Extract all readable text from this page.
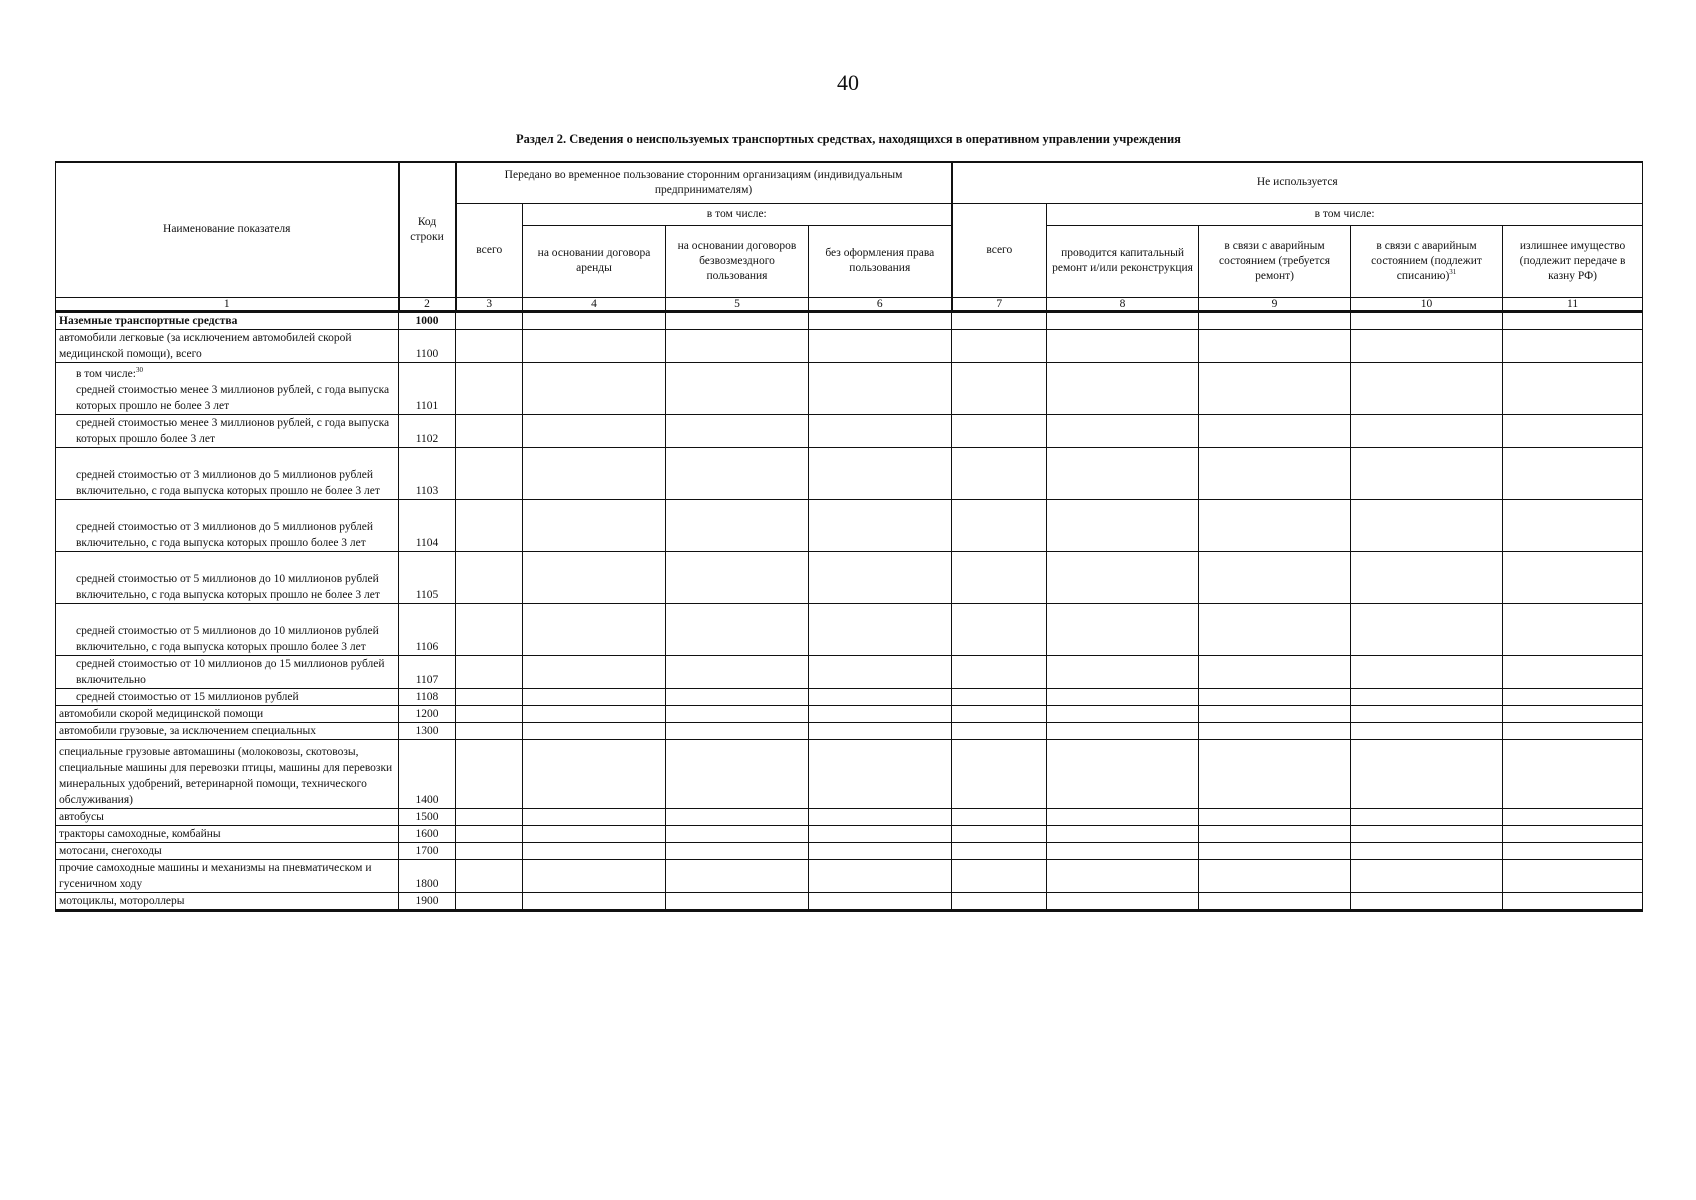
40
Раздел 2. Сведения о неиспользуемых транспортных средствах, находящихся в оперативном управлении учреждения
Наименование показателя	Код строки	Передано во временное пользование сторонним организациям (индивидуальным предпринимателям)				Не используется				
		всего	в том числе:			всего	в том числе:			
			на основании договора аренды	на основании договоров безвозмездного пользования	без оформления права пользования		проводится капитальный ремонт и/или реконструкция	в связи с аварийным состоянием (требуется ремонт)	в связи с аварийным состоянием (подлежит списанию)$^{31}$	излишнее имущество (подлежит передаче в казну РФ)
1	2	3	4	5	6	7	8	9	10	11
Наземные транспортные средства	1000									
автомобили легковые (за исключением автомобилей скорой медицинской помощи), всего	1100									
в том числе:$^{30}$
средней стоимостью менее 3 миллионов рублей, с года выпуска которых прошло не более 3 лет	1101									
средней стоимостью менее 3 миллионов рублей, с года выпуска которых прошло более 3 лет	1102									
средней стоимостью от 3 миллионов до 5 миллионов рублей включительно, с года выпуска которых прошло не более 3 лет	1103									
средней стоимостью от 3 миллионов до 5 миллионов рублей включительно, с года выпуска которых прошло более 3 лет	1104									
средней стоимостью от 5 миллионов до 10 миллионов рублей включительно, с года выпуска которых прошло не более 3 лет	1105									
средней стоимостью от 5 миллионов до 10 миллионов рублей включительно, с года выпуска которых прошло более 3 лет	1106									
средней стоимостью от 10 миллионов до 15 миллионов рублей включительно	1107									
средней стоимостью от 15 миллионов рублей	1108									
автомобили скорой медицинской помощи	1200									
автомобили грузовые, за исключением специальных	1300									
специальные грузовые автомашины (молоковозы, скотовозы, специальные машины для перевозки птицы, машины для перевозки минеральных удобрений, ветеринарной помощи, технического обслуживания)	1400									
автобусы	1500									
тракторы самоходные, комбайны	1600									
мотосани, снегоходы	1700									
прочие самоходные машины и механизмы на пневматическом и гусеничном ходу	1800									
мотоциклы, мотороллеры	1900									
